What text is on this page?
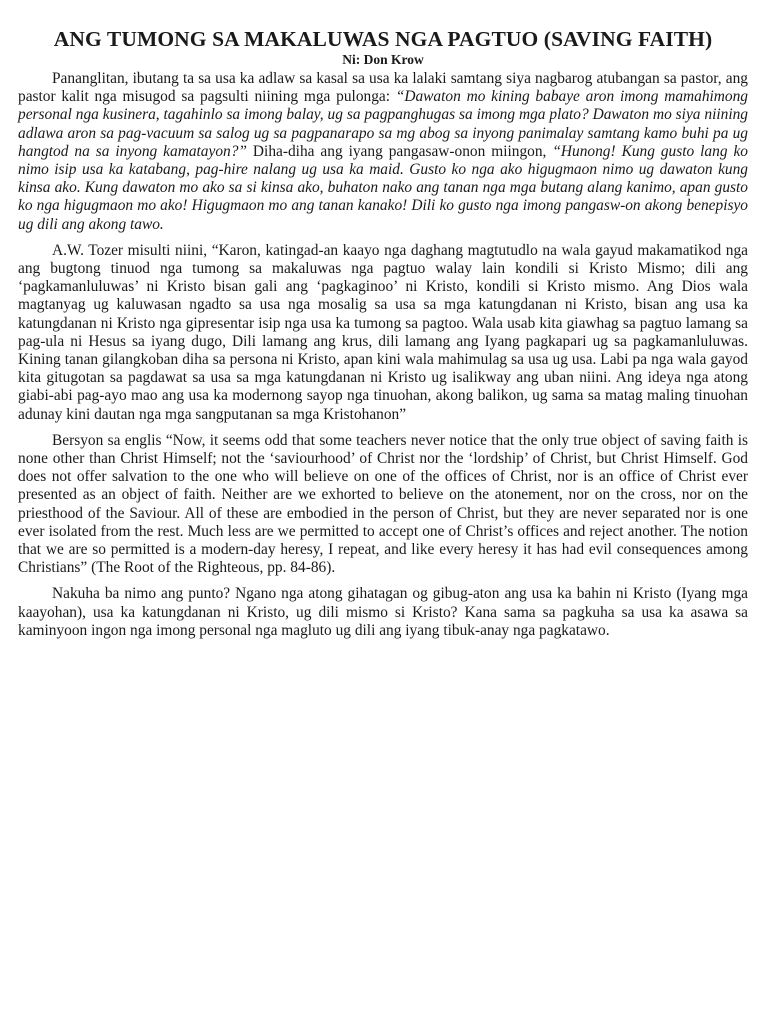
ANG TUMONG SA MAKALUWAS NGA PAGTUO (SAVING FAITH)
Ni: Don Krow

Pananglitan, ibutang ta sa usa ka adlaw sa kasal sa usa ka lalaki samtang siya nagbarog atubangan sa pastor, ang pastor kalit nga misugod sa pagsulti niining mga pulonga: “Dawaton mo kining babaye aron imong mamahimong personal nga kusinera, tagahinlo sa imong balay, ug sa pagpanghugas sa imong mga plato? Dawaton mo siya niining adlawa aron sa pag-vacuum sa salog ug sa pagpanarapo sa mg abog sa inyong panimalay samtang kamo buhi pa ug hangtod na sa inyong kamatayon?” Diha-diha ang iyang pangasaw-onon miingon, “Hunong! Kung gusto lang ko nimo isip usa ka katabang, pag-hire nalang ug usa ka maid. Gusto ko nga ako higugmaon nimo ug dawaton kung kinsa ako. Kung dawaton mo ako sa si kinsa ako, buhaton nako ang tanan nga mga butang alang kanimo, apan gusto ko nga higugmaon mo ako! Higugmaon mo ang tanan kanako! Dili ko gusto nga imong pangasw-on akong benepisyo ug dili ang akong tawo.

A.W. Tozer misulti niini, “Karon, katingad-an kaayo nga daghang magtutudlo na wala gayud makamatikod nga ang bugtong tinuod nga tumong sa makaluwas nga pagtuo walay lain kondili si Kristo Mismo; dili ang ‘pagkamanluluwas’ ni Kristo bisan gali ang ‘pagkaginoo’ ni Kristo, kondili si Kristo mismo. Ang Dios wala magtanyag ug kaluwasan ngadto sa usa nga mosalig sa usa sa mga katungdanan ni Kristo, bisan ang usa ka katungdanan ni Kristo nga gipresentar isip nga usa ka tumong sa pagtoo. Wala usab kita giawhag sa pagtuo lamang sa pag-ula ni Hesus sa iyang dugo, Dili lamang ang krus, dili lamang ang Iyang pagkapari ug sa pagkamanluluwas. Kining tanan gilangkoban diha sa persona ni Kristo, apan kini wala mahimulag sa usa ug usa. Labi pa nga wala gayod kita gitugotan sa pagdawat sa usa sa mga katungdanan ni Kristo ug isalikway ang uban niini. Ang ideya nga atong giabi-abi pag-ayo mao ang usa ka modernong sayop nga tinuohan, akong balikon, ug sama sa matag maling tinuohan adunay kini dautan nga mga sangputanan sa mga Kristohanon”

Bersyon sa englis “Now, it seems odd that some teachers never notice that the only true object of saving faith is none other than Christ Himself; not the ‘saviourhood’ of Christ nor the ‘lordship’ of Christ, but Christ Himself. God does not offer salvation to the one who will believe on one of the offices of Christ, nor is an office of Christ ever presented as an object of faith. Neither are we exhorted to believe on the atonement, nor on the cross, nor on the priesthood of the Saviour. All of these are embodied in the person of Christ, but they are never separated nor is one ever isolated from the rest. Much less are we permitted to accept one of Christ’s offices and reject another. The notion that we are so permitted is a modern-day heresy, I repeat, and like every heresy it has had evil consequences among Christians” (The Root of the Righteous, pp. 84-86).

Nakuha ba nimo ang punto? Ngano nga atong gihatagan og gibug-aton ang usa ka bahin ni Kristo (Iyang mga kaayohan), usa ka katungdanan ni Kristo, ug dili mismo si Kristo? Kana sama sa pagkuha sa usa ka asawa sa kaminyoon ingon nga imong personal nga magluto ug dili ang iyang tibuk-anay nga pagkatawo.
